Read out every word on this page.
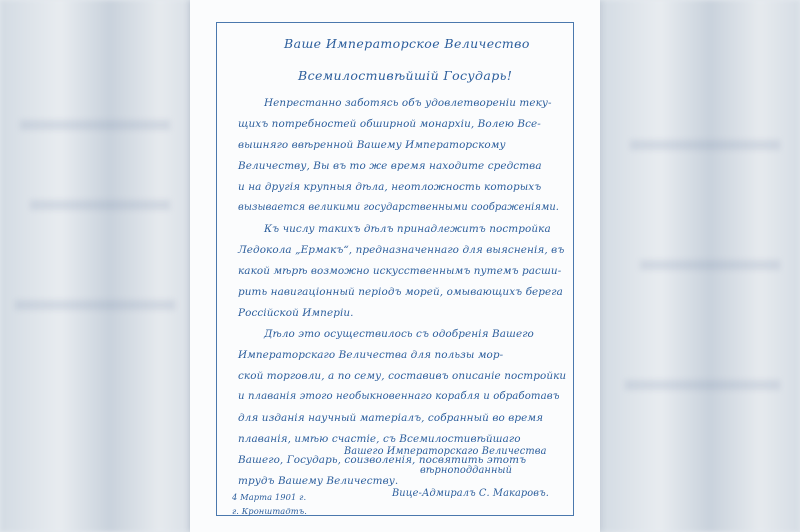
Вашe Императорское Величество
Всемилостивѣйшiй Государь!
Непрестанно заботясь объ удовлетворенiи теку-
щихъ потребностей обширной монархiи, Волею Все-
вышняго ввѣренной Вашему Императорскому
Величеству, Вы въ то же время находите средства
и на другiя крупныя дѣла, неотложность которыхъ
вызывается великими государственными соображенiями.
Къ числу такихъ дѣлъ принадлежитъ постройка
Ледокола „Ермакъ“, предназначеннаго для выясненiя, въ
какой мѣрѣ возможно искусственнымъ путемъ расши-
рить навигацiонный перiодъ морей, омывающихъ берега
Россiйской Имперiи.
Дѣло это осуществилось съ одобренiя Вашего
Императорскаго Величества для пользы мор-
ской торговли, а по сему, составивъ описанiе постройки
и плаванiя этого необыкновеннаго корабля и обработавъ
для изданiя научный матерiалъ, собранный во время
плаванiя, имѣю счастiе, съ Всемилостивѣйшаго
Вашего, Государь, соизволенiя, посвятить этотъ
трудъ Вашему Величеству.
Вашего Императорскаго Величества
вѣрноподданный
Вице-Адмиралъ С. Макаровъ.
4 Марта 1901 г.
г. Кронштадтъ.
